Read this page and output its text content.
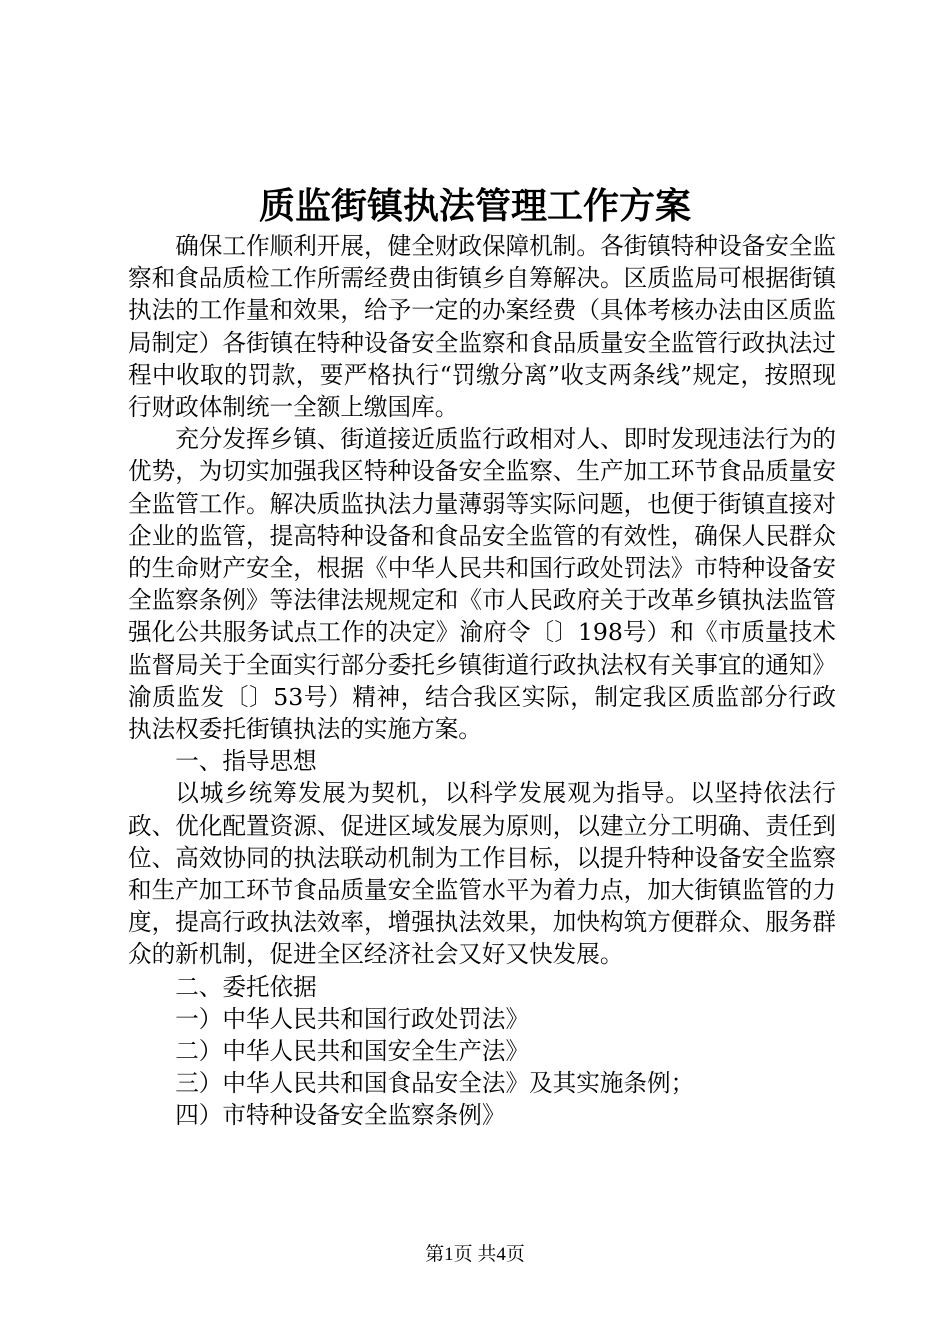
质监街镇执法管理工作方案

确保工作顺利开展，健全财政保障机制。各街镇特种设备安全监察和食品质检工作所需经费由街镇乡自筹解决。区质监局可根据街镇执法的工作量和效果，给予一定的办案经费（具体考核办法由区质监局制定）各街镇在特种设备安全监察和食品质量安全监管行政执法过程中收取的罚款，要严格执行“罚缴分离”收支两条线”规定，按照现行财政体制统一全额上缴国库。

充分发挥乡镇、街道接近质监行政相对人、即时发现违法行为的优势，为切实加强我区特种设备安全监察、生产加工环节食品质量安全监管工作。解决质监执法力量薄弱等实际问题，也便于街镇直接对企业的监管，提高特种设备和食品安全监管的有效性，确保人民群众的生命财产安全，根据《中华人民共和国行政处罚法》市特种设备安全监察条例》等法律法规规定和《市人民政府关于改革乡镇执法监管强化公共服务试点工作的决定》渝府令〔〕198号）和《市质量技术监督局关于全面实行部分委托乡镇街道行政执法权有关事宜的通知》渝质监发〔〕53号）精神，结合我区实际，制定我区质监部分行政执法权委托街镇执法的实施方案。

一、指导思想

以城乡统筹发展为契机，以科学发展观为指导。以坚持依法行政、优化配置资源、促进区域发展为原则，以建立分工明确、责任到位、高效协同的执法联动机制为工作目标，以提升特种设备安全监察和生产加工环节食品质量安全监管水平为着力点，加大街镇监管的力度，提高行政执法效率，增强执法效果，加快构筑方便群众、服务群众的新机制，促进全区经济社会又好又快发展。

二、委托依据

一）中华人民共和国行政处罚法》

二）中华人民共和国安全生产法》

三）中华人民共和国食品安全法》及其实施条例；

四）市特种设备安全监察条例》

第1页 共4页
